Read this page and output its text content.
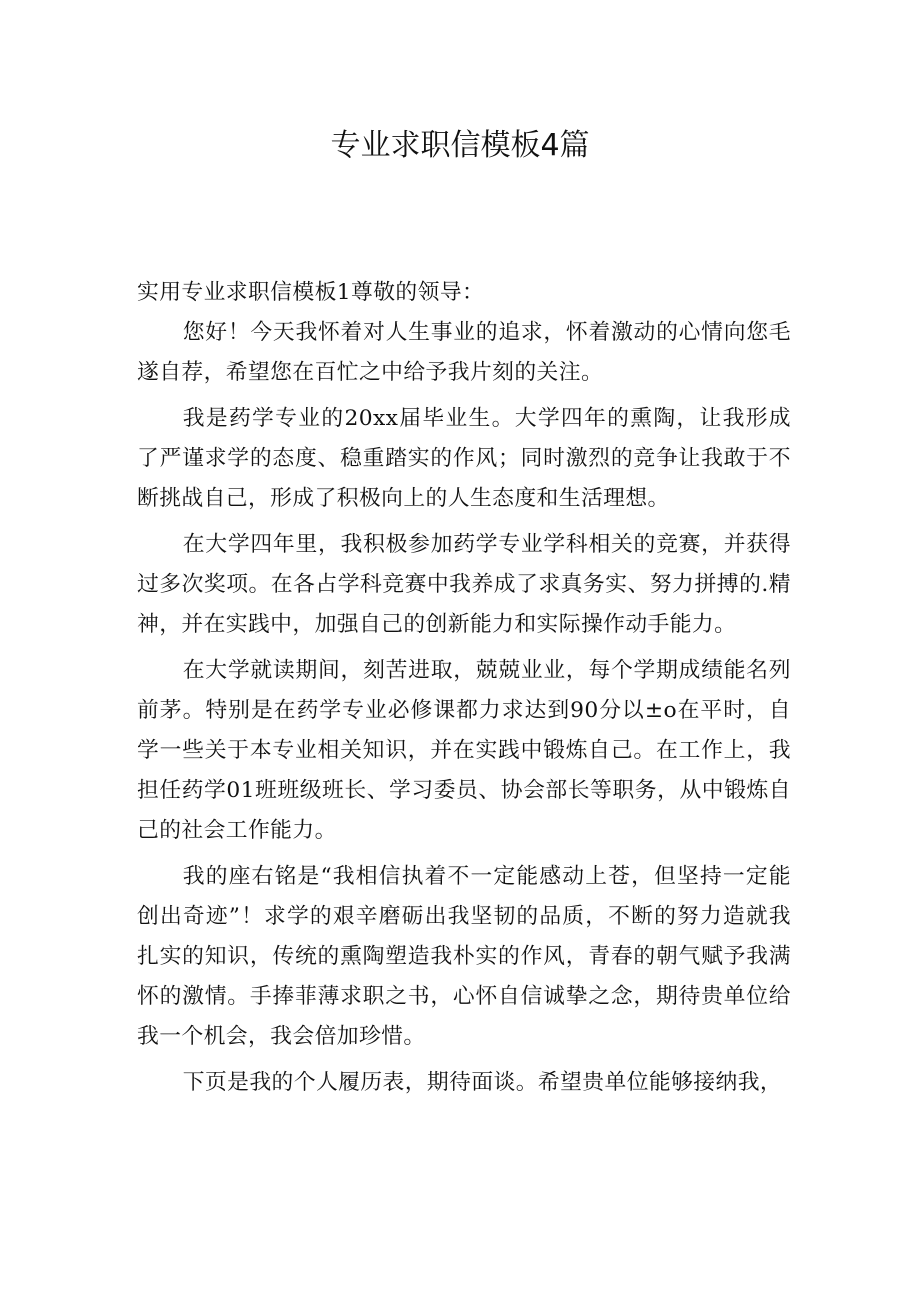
专业求职信模板4篇

实用专业求职信模板1尊敬的领导：

您好！今天我怀着对人生事业的追求，怀着激动的心情向您毛遂自荐，希望您在百忙之中给予我片刻的关注。

我是药学专业的20xx届毕业生。大学四年的熏陶，让我形成了严谨求学的态度、稳重踏实的作风；同时激烈的竞争让我敢于不断挑战自己，形成了积极向上的人生态度和生活理想。

在大学四年里，我积极参加药学专业学科相关的竞赛，并获得过多次奖项。在各占学科竞赛中我养成了求真务实、努力拼搏的.精神，并在实践中，加强自己的创新能力和实际操作动手能力。

在大学就读期间，刻苦进取，兢兢业业，每个学期成绩能名列前茅。特别是在药学专业必修课都力求达到90分以±o在平时，自学一些关于本专业相关知识，并在实践中锻炼自己。在工作上，我担任药学01班班级班长、学习委员、协会部长等职务，从中锻炼自己的社会工作能力。

我的座右铭是“我相信执着不一定能感动上苍，但坚持一定能创出奇迹”！求学的艰辛磨砺出我坚韧的品质，不断的努力造就我扎实的知识，传统的熏陶塑造我朴实的作风，青春的朝气赋予我满怀的激情。手捧菲薄求职之书，心怀自信诚挚之念，期待贵单位给我一个机会，我会倍加珍惜。

下页是我的个人履历表，期待面谈。希望贵单位能够接纳我，
